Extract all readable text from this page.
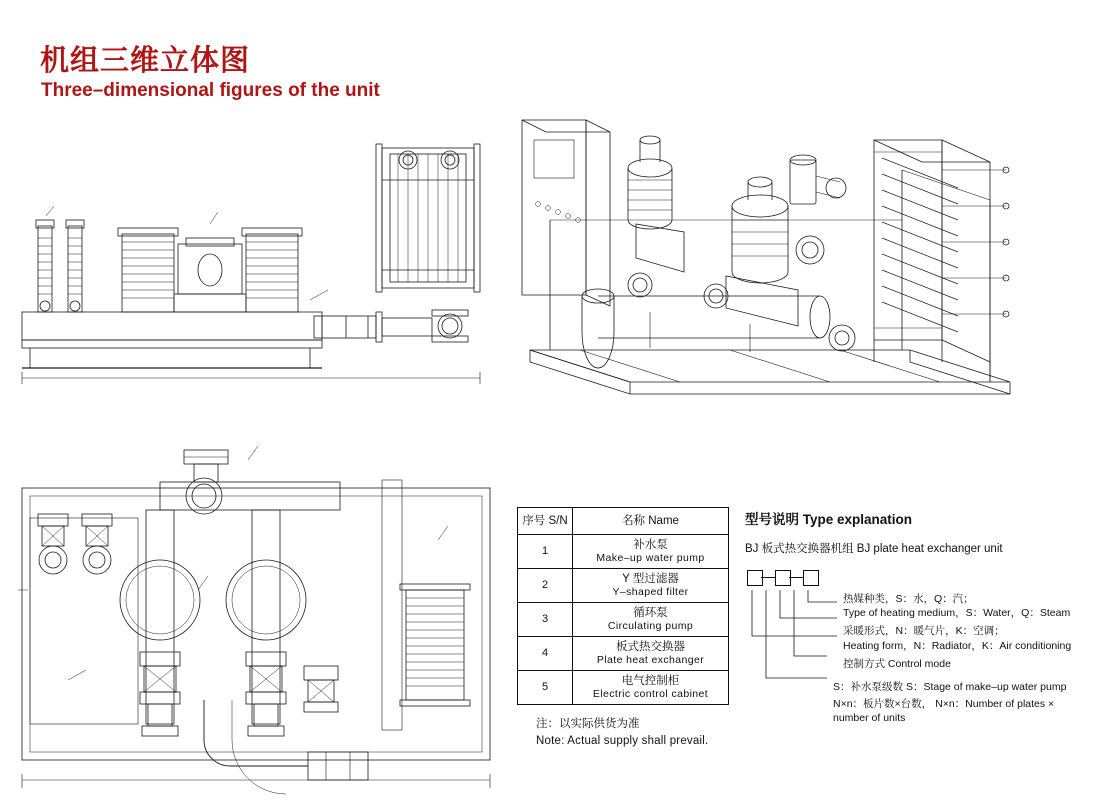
机组三维立体图
Three–dimensional figures of the unit
序号 S/N	名称 Name
1	补水泵
Make–up water pump

2	Y 型过滤器
Y–shaped filter

3	循环泵
Circulating pump

4	板式热交换器
Plate heat exchanger

5	电气控制柜
Electric control cabinet
注：以实际供货为准
Note: Actual supply shall prevail.
型号说明 Type explanation
BJ 板式热交换器机组 BJ plate heat exchanger unit
热媒种类，S：水，Q：汽；
Type of heating medium，S：Water，Q：Steam
采暖形式，N：暖气片，K：空调；
Heating form，N：Radiator，K：Air conditioning
控制方式 Control mode
S：补水泵级数 S：Stage of make–up water pump
N×n：板片数×台数， N×n：Number of plates × number of units
